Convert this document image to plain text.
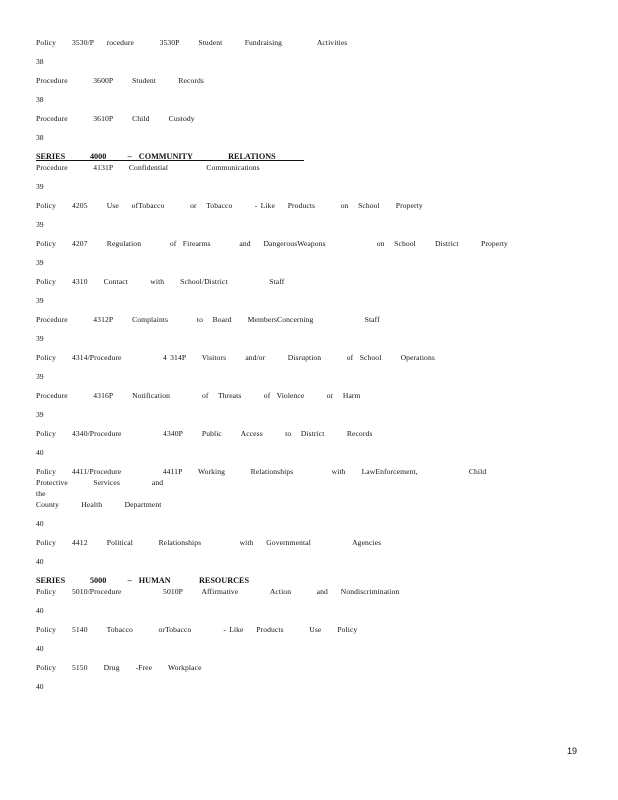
Policy     3530/P    rocedure        3530P      Student       Fundraising           Activities
38
Procedure        3600P      Student       Records
38
Procedure        3610P      Child      Custody
38
SERIES       4000      –  COMMUNITY          RELATIONS
Procedure        4131P     Confidential            Communications
39
Policy     4205      Use    ofTobacco        or   Tobacco       - Like    Products        on   School     Property
39
Policy     4207      Regulation         of  Firearms         and    DangerousWeapons                on   School      District       Property
39
Policy     4310     Contact       with     School/District             Staff
39
Procedure        4312P      Complaints         to   Board     MembersConcerning                Staff
39
Policy     4314/Procedure             4 314P     Visitors      and/or       Disruption        of  School      Operations
39
Procedure        4316P      Notification          of   Threats       of  Violence       or   Harm
39
Policy     4340/Procedure             4340P      Public      Access       to   District       Records
40
Policy     4411/Procedure             4411P     Working        Relationships            with     LawEnforcement,                Child      Protective        Services          and
the
County       Health       Department
40
Policy     4412      Political        Relationships            with    Governmental             Agencies
40
SERIES       5000      –  HUMAN        RESOURCES
Policy     5010/Procedure             5010P      Affirmative          Action        and    Nondiscrimination
40
Policy     5140      Tobacco        orTobacco          - Like    Products        Use     Policy
40
Policy     5150     Drug     -Free     Workplace
40
19
